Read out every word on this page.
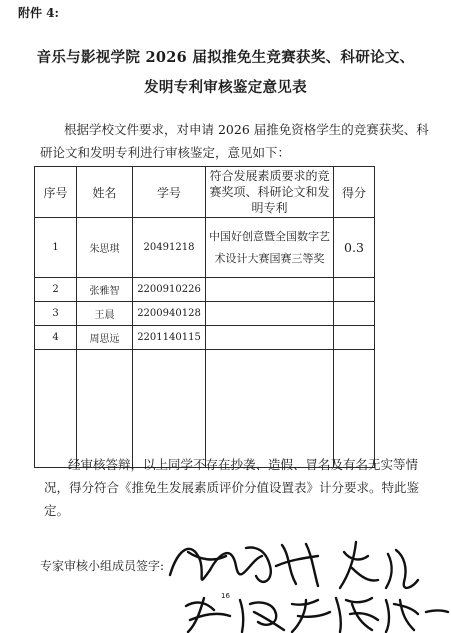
附件 4:
音乐与影视学院 2026 届拟推免生竞赛获奖、科研论文、
发明专利审核鉴定意见表
根据学校文件要求，对申请 2026 届推免资格学生的竞赛获奖、科研论文和发明专利进行审核鉴定，意见如下：
序号	姓名	学号	符合发展素质要求的竞赛奖项、科研论文和发明专利	得分
1	朱思琪	20491218	中国好创意暨全国数字艺术设计大赛国赛三等奖	0.3
2	张雅智	2200910226		
3	王晨	2200940128		
4	周思远	2201140115		

经审核答辩，以上同学不存在抄袭、造假、冒名及有名无实等情况，得分符合《推免生发展素质评价分值设置表》计分要求。特此鉴定。
专家审核小组成员签字:
16
